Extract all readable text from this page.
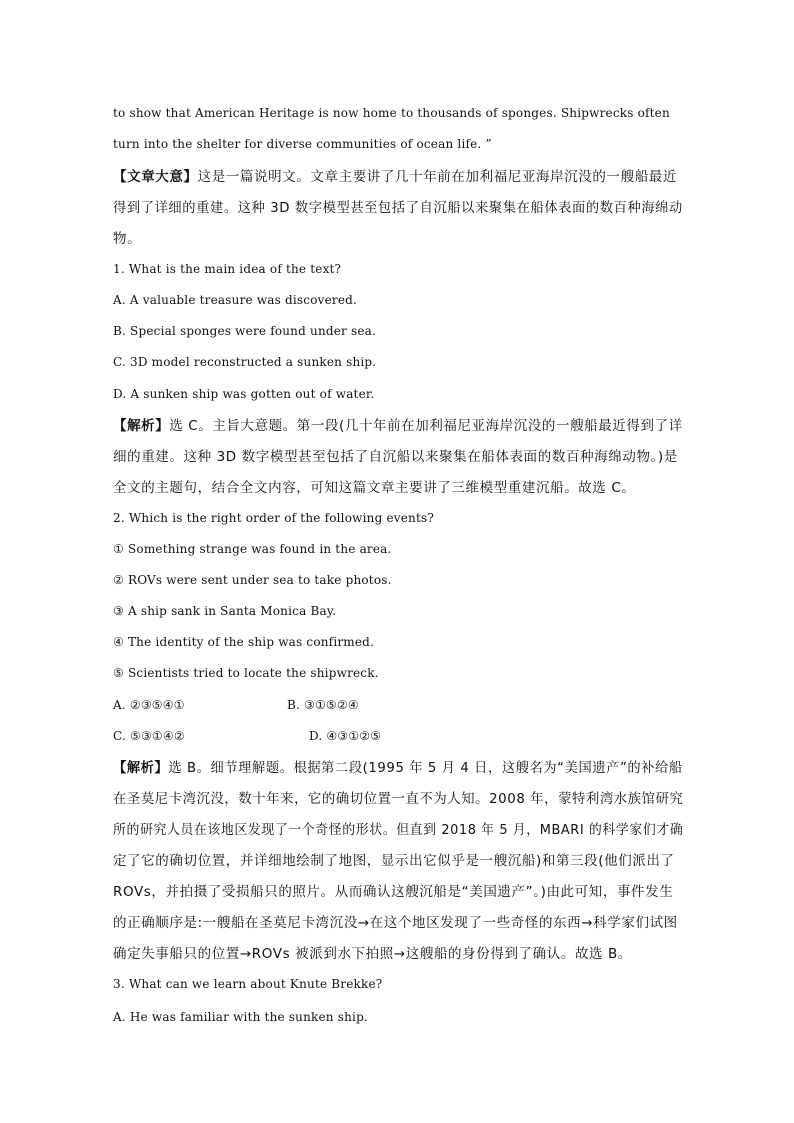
to show that American Heritage is now home to thousands of sponges. Shipwrecks often
turn into the shelter for diverse communities of ocean life. ”
【文章大意】这是一篇说明文。文章主要讲了几十年前在加利福尼亚海岸沉没的一艘船最近
得到了详细的重建。这种 3D 数字模型甚至包括了自沉船以来聚集在船体表面的数百种海绵动
物。
1. What is the main idea of the text?
A. A valuable treasure was discovered.
B. Special sponges were found under sea.
C. 3D model reconstructed a sunken ship.
D. A sunken ship was gotten out of water.
【解析】选 C。主旨大意题。第一段(几十年前在加利福尼亚海岸沉没的一艘船最近得到了详
细的重建。这种 3D 数字模型甚至包括了自沉船以来聚集在船体表面的数百种海绵动物。)是
全文的主题句，结合全文内容，可知这篇文章主要讲了三维模型重建沉船。故选 C。
2. Which is the right order of the following events?
① Something strange was found in the area.
② ROVs were sent under sea to take photos.
③ A ship sank in Santa Monica Bay.
④ The identity of the ship was confirmed.
⑤ Scientists tried to locate the shipwreck.
A. ②③⑤④①	B. ③①⑤②④
C. ⑤③①④②	D. ④③①②⑤
【解析】选 B。细节理解题。根据第二段(1995 年 5 月 4 日，这艘名为“美国遗产”的补给船
在圣莫尼卡湾沉没，数十年来，它的确切位置一直不为人知。2008 年，蒙特利湾水族馆研究
所的研究人员在该地区发现了一个奇怪的形状。但直到 2018 年 5 月，MBARI 的科学家们才确
定了它的确切位置，并详细地绘制了地图，显示出它似乎是一艘沉船)和第三段(他们派出了
ROVs，并拍摄了受损船只的照片。从而确认这艘沉船是“美国遗产”。)由此可知，事件发生
的正确顺序是:一艘船在圣莫尼卡湾沉没→在这个地区发现了一些奇怪的东西→科学家们试图
确定失事船只的位置→ROVs 被派到水下拍照→这艘船的身份得到了确认。故选 B。
3. What can we learn about Knute Brekke?
A. He was familiar with the sunken ship.
